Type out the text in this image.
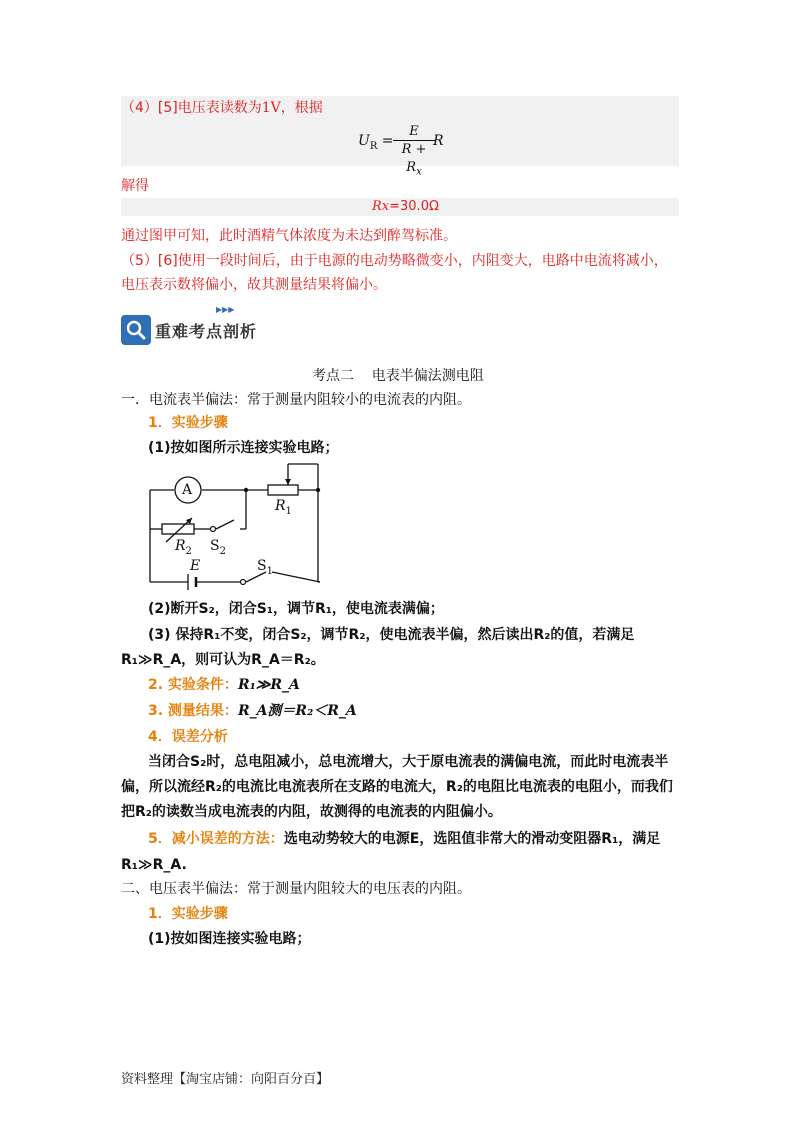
（4）[5]电压表读数为1V，根据
$U_R = \frac{E}{R + R_x}$
R
解得
Rx=30.0Ω
通过图甲可知，此时酒精气体浓度为未达到醉驾标准。
（5）[6]使用一段时间后，由于电源的电动势略微变小，内阻变大，电路中电流将减小，
电压表示数将偏小，故其测量结果将偏小。
▶▶▶
重难考点剖析
考点二    电表半偏法测电阻
一．电流表半偏法：常于测量内阻较小的电流表的内阻。
1．实验步骤
(1)按如图所示连接实验电路；
A
$R_1$
$R_2$ $S_2$
E	$S_1$
(2)断开S₂，闭合S₁，调节R₁，使电流表满偏；
(3) 保持R₁不变，闭合S₂，调节R₂，使电流表半偏，然后读出R₂的值，若满足
R₁≫R_A，则可认为R_A＝R₂。
2. 实验条件：R₁≫R_A
3. 测量结果：R_A测＝R₂＜R_A
4．误差分析
当闭合S₂时，总电阻减小，总电流增大，大于原电流表的满偏电流，而此时电流表半
偏，所以流经R₂的电流比电流表所在支路的电流大，R₂的电阻比电流表的电阻小，而我们
把R₂的读数当成电流表的内阻，故测得的电流表的内阻偏小。
5．减小误差的方法：选电动势较大的电源E，选阻值非常大的滑动变阻器R₁，满足
R₁≫R_A.
二、电压表半偏法：常于测量内阻较大的电压表的内阻。
1．实验步骤
(1)按如图连接实验电路；
资料整理【淘宝店铺：向阳百分百】
